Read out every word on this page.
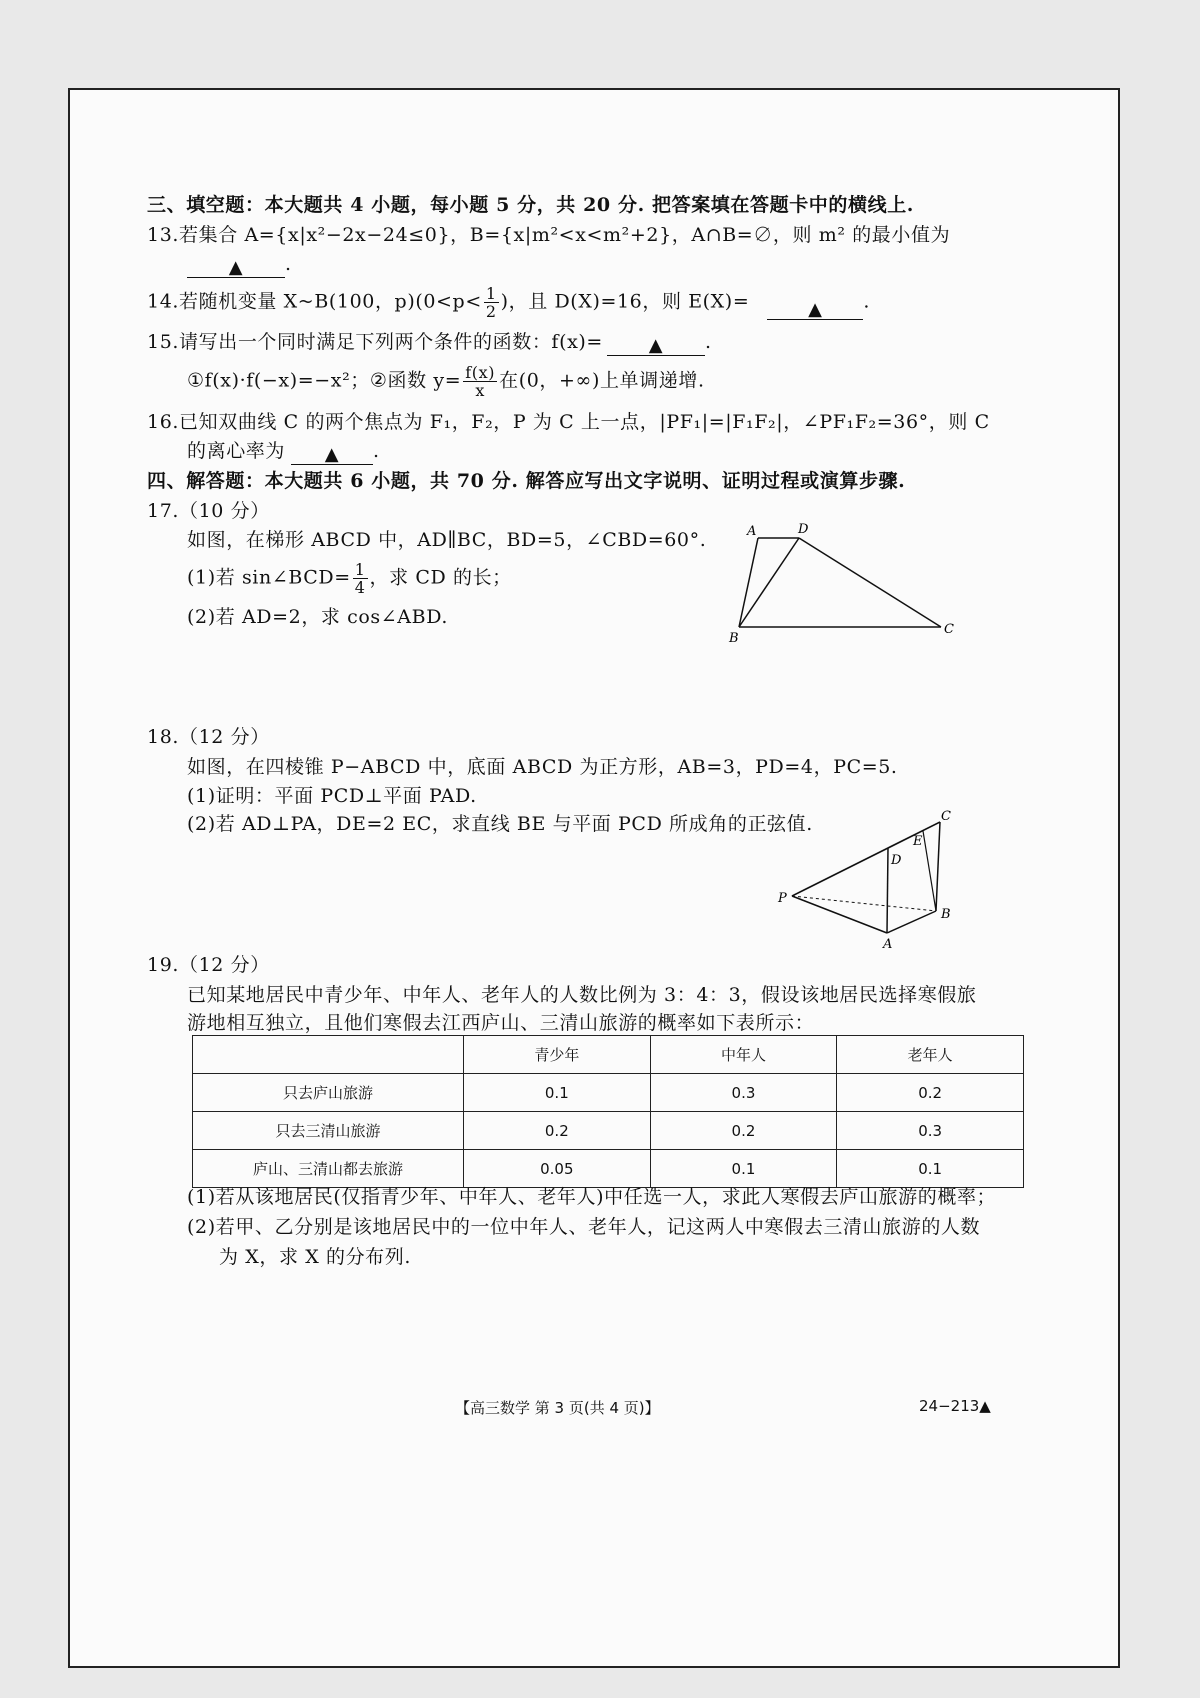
三、填空题：本大题共 4 小题，每小题 5 分，共 20 分. 把答案填在答题卡中的横线上.
13.若集合 A={x|x²−2x−24≤0}，B={x|m²<x<m²+2}，A∩B=∅，则 m² 的最小值为
▲ .
14.若随机变量 X~B(100，$p)(0<p< \frac{1}{2}$ )，且 D(X)=16，则 E(X)=	▲ .
15.请写出一个同时满足下列两个条件的函数：f(x)=	▲ .
①f(x)·f(−x)=−x²；②函数 $y= \frac{f(x)}{x}$ 在(0，+∞)上单调递增.
16.已知双曲线 C 的两个焦点为 F₁，F₂，P 为 C 上一点，|PF₁|=|F₁F₂|，∠PF₁F₂=36°，则 C
的离心率为 ▲ .
四、解答题：本大题共 6 小题，共 70 分. 解答应写出文字说明、证明过程或演算步骤.
17.（10 分）
如图，在梯形 ABCD 中，AD∥BC，BD=5，∠CBD=60°.
(1)若 sin∠BCD= $\frac{1}{4}$ ，求 CD 的长；
(2)若 AD=2，求 cos∠ABD.
A	D
B
C
18.（12 分）
如图，在四棱锥 P−ABCD 中，底面 ABCD 为正方形，AB=3，PD=4，PC=5.
(1)证明：平面 PCD⊥平面 PAD.
(2)若 AD⊥PA，DE=2 EC，求直线 BE 与平面 PCD 所成角的正弦值.	C
E
D
P
B
A
19.（12 分）
已知某地居民中青少年、中年人、老年人的人数比例为 3：4：3，假设该地居民选择寒假旅
游地相互独立，且他们寒假去江西庐山、三清山旅游的概率如下表所示：
	青少年	中年人	老年人
只去庐山旅游	0.1	0.3	0.2
只去三清山旅游	0.2	0.2	0.3
庐山、三清山都去旅游	0.05	0.1	0.1
(1)若从该地居民(仅指青少年、中年人、老年人)中任选一人，求此人寒假去庐山旅游的概率；
(2)若甲、乙分别是该地居民中的一位中年人、老年人，记这两人中寒假去三清山旅游的人数
为 X，求 X 的分布列.
【高三数学 第 3 页(共 4 页)】	24−213▲
